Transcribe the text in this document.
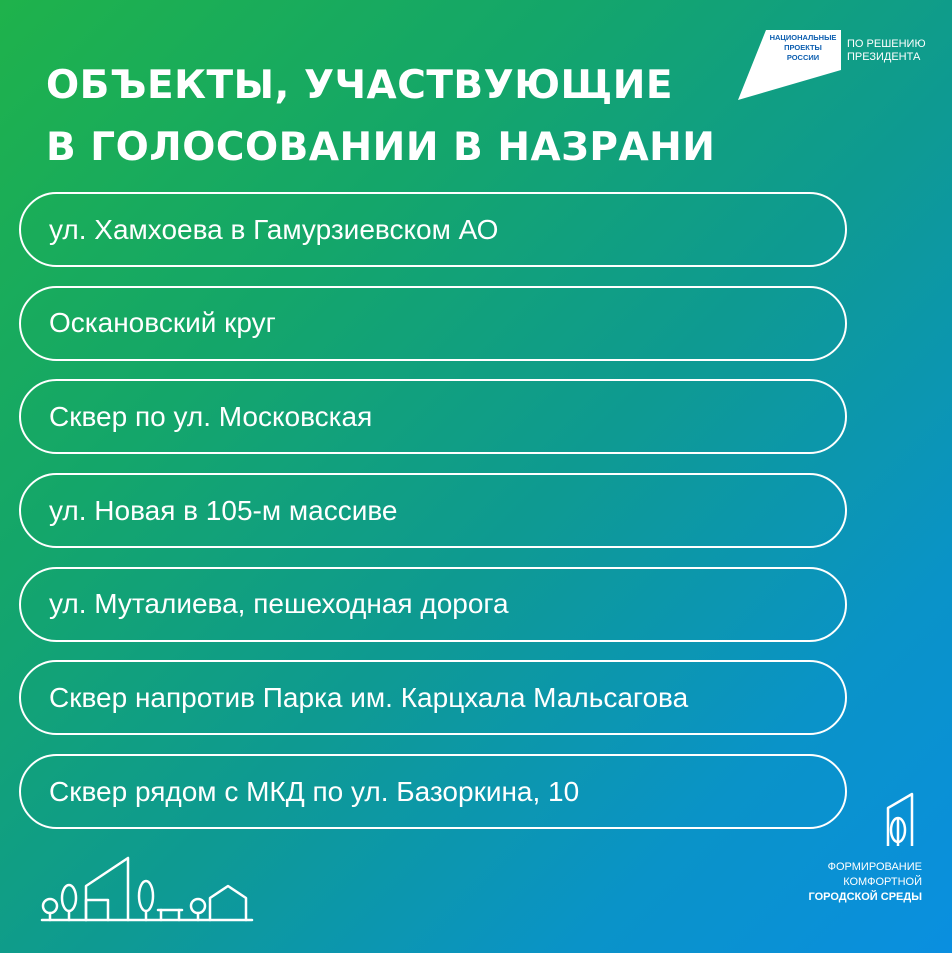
ОБЪЕКТЫ, УЧАСТВУЮЩИЕ
В ГОЛОСОВАНИИ В НАЗРАНИ
НАЦИОНАЛЬНЫЕ
ПРОЕКТЫ
РОССИИ
ПО РЕШЕНИЮ
ПРЕЗИДЕНТА
ул. Хамхоева в Гамурзиевском АО
Оскановский круг
Сквер по ул. Московская
ул. Новая в 105-м массиве
ул. Муталиева, пешеходная дорога
Сквер напротив Парка им. Карцхала Мальсагова
Сквер рядом с МКД по ул. Базоркина, 10
ФОРМИРОВАНИЕ
КОМФОРТНОЙ
ГОРОДСКОЙ СРЕДЫ
